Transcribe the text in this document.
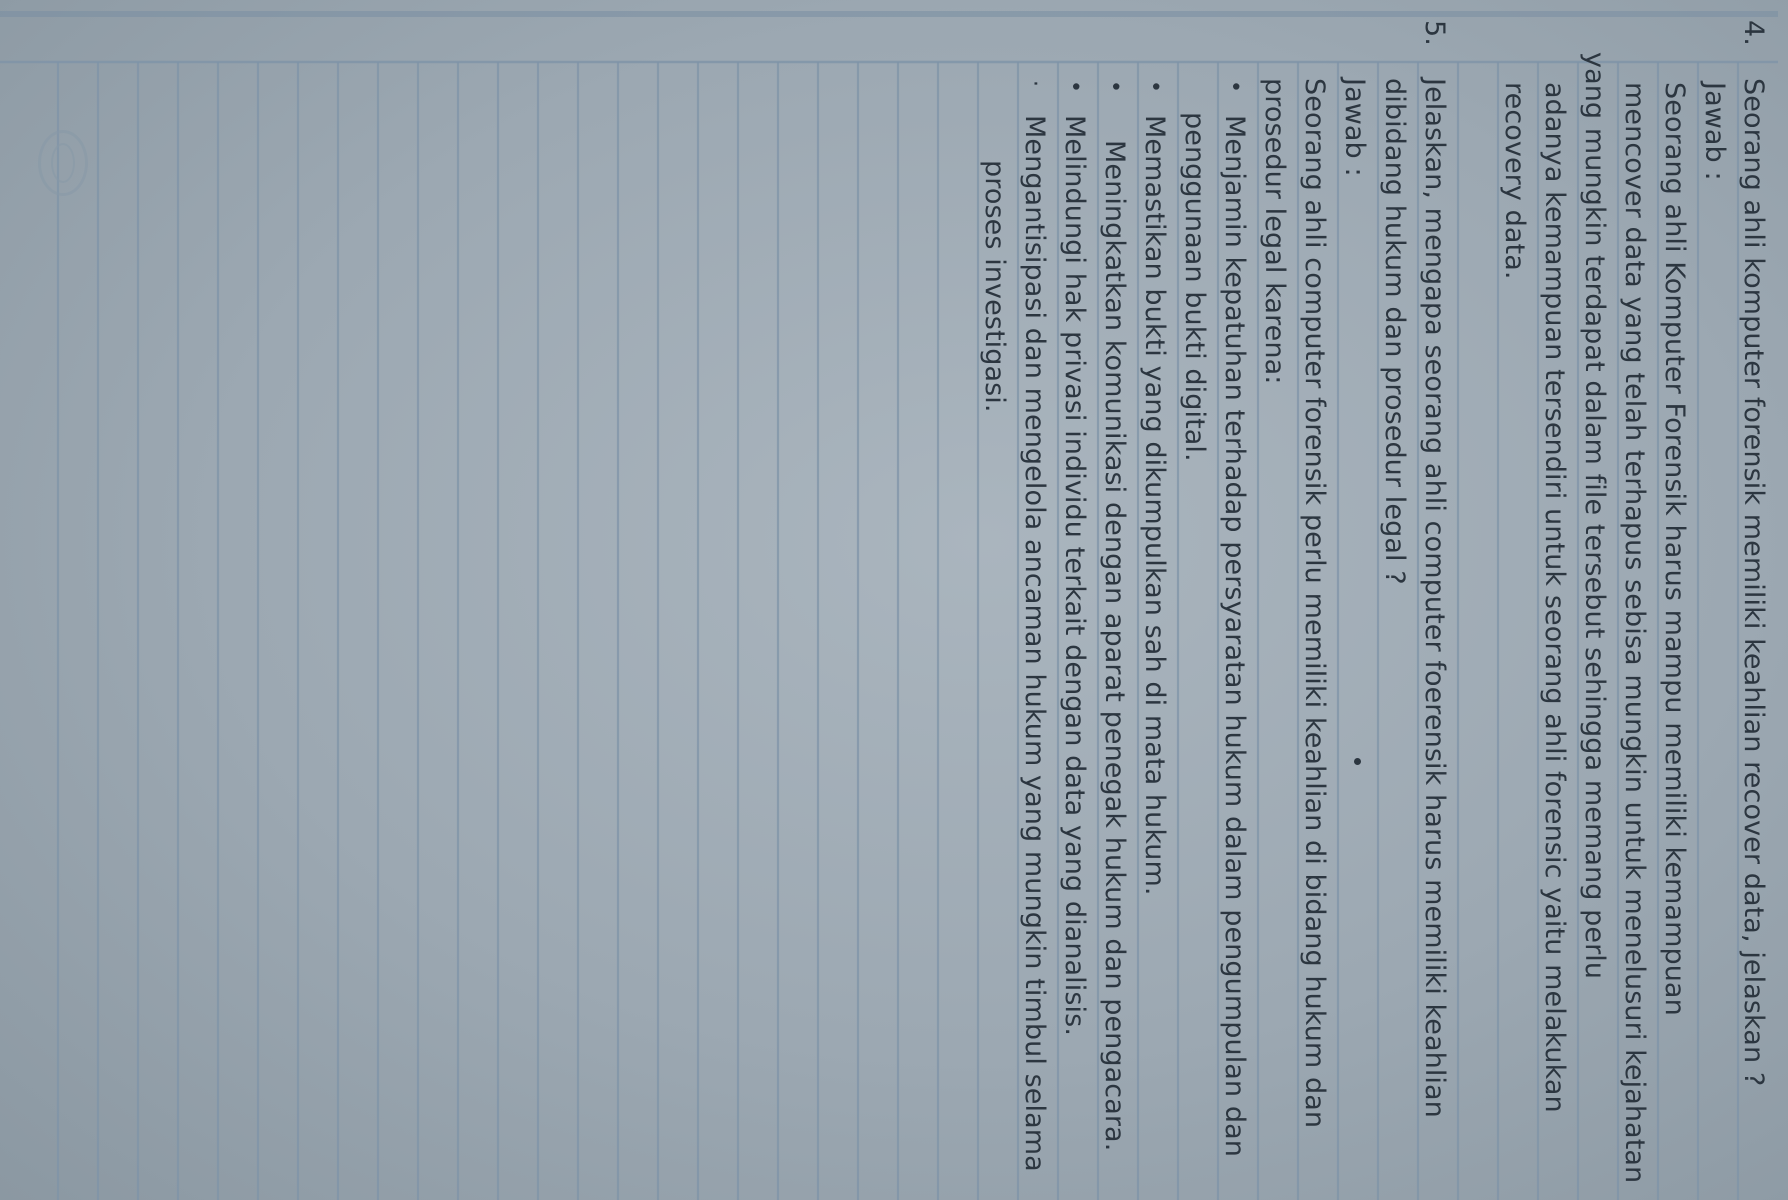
4.
Seorang ahli komputer forensik memiliki keahlian recover data, jelaskan ?
Jawab :
Seorang ahli Komputer Forensik harus mampu memiliki kemampuan
mencover data yang telah terhapus sebisa mungkin untuk menelusuri kejahatan
yang mungkin terdapat dalam file tersebut sehingga memang perlu
adanya kemampuan tersendiri untuk seorang ahli forensic yaitu melakukan
recovery data.
5.
Jelaskan, mengapa seorang ahli computer foerensik harus memiliki keahlian
dibidang hukum dan prosedur legal ?
Jawab :
Seorang ahli computer forensik perlu memiliki keahlian di bidang hukum dan
prosedur legal karena:
•
Menjamin kepatuhan terhadap persyaratan hukum dalam pengumpulan dan
penggunaan bukti digital.
•
Memastikan bukti yang dikumpulkan sah di mata hukum.
•
Meningkatkan komunikasi dengan aparat penegak hukum dan pengacara.
•
Melindungi hak privasi individu terkait dengan data yang dianalisis.
·
Mengantisipasi dan mengelola ancaman hukum yang mungkin timbul selama
proses investigasi.
